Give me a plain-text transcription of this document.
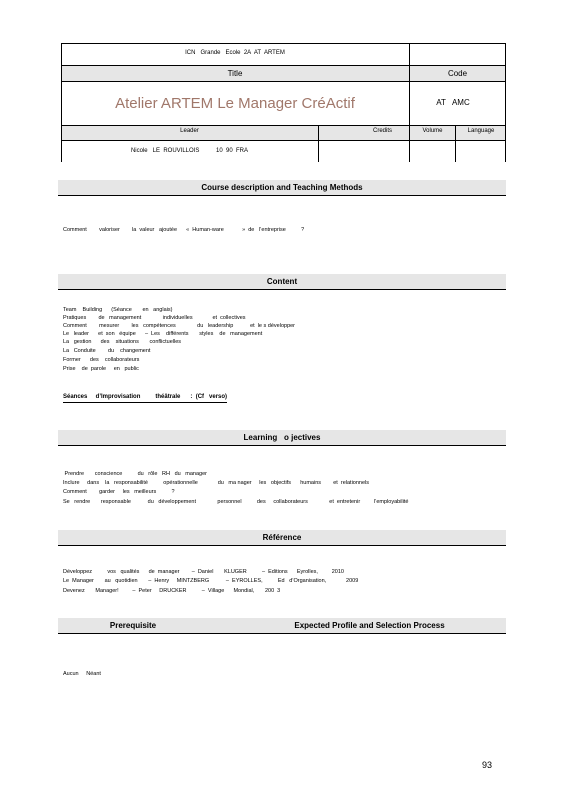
ICN   Grande   Ecole  2A  AT  ARTEM
Title	Code
Atelier ARTEM Le Manager CréActif	AT   AMC
Leader	Credits	Volume	Language
Nicole   LE  ROUVILLOIS          10  90  FRA
Course description and Teaching Methods
Comment        valoriser        la  valeur   ajoutée      «  Human-ware            »  de   l’entreprise          ?
Content
Team    Building      (Séance       en   anglais)
Pratiques        de   management              individuelles             et  collectives
Comment        mesurer        les   compétences              du   leadership           et  le s développer
Le   leader      et  son   équipe      –  Les    différents       styles    de   management
La   gestion      des    situations       conflictuelles
La   Conduite        du    changement
Former      des    collaborateurs
Prise    de  parole     en   public
Séances     d’Improvisation         théâtrale      :  (Cf   verso)
Learning   o jectives
Prendre       conscience          du   rôle   RH   du   manager
Inclure     dans    la   responsabilité          opérationnelle             du   ma nager     les   objectifs      humains        et  relationnels
Comment        garder     les   meilleurs          ?
Se   rendre       responsable           du   développement              personnel          des     collaborateurs              et  entretenir         l’employabilité
Référence
Développez          vos   qualités      de  manager        –  Daniel       KLUGER          –  Editions      Eyrolles,         2010
Le  Manager       au   quotidien       –  Henry     MINTZBERG           –  EYROLLES,          Ed   d’Organisation,             2009
Devenez       Manager!         –  Peter     DRUCKER          –  Village      Mondial,       200  3
Prerequisite	Expected Profile and Selection Process
Aucun     Néant
93
